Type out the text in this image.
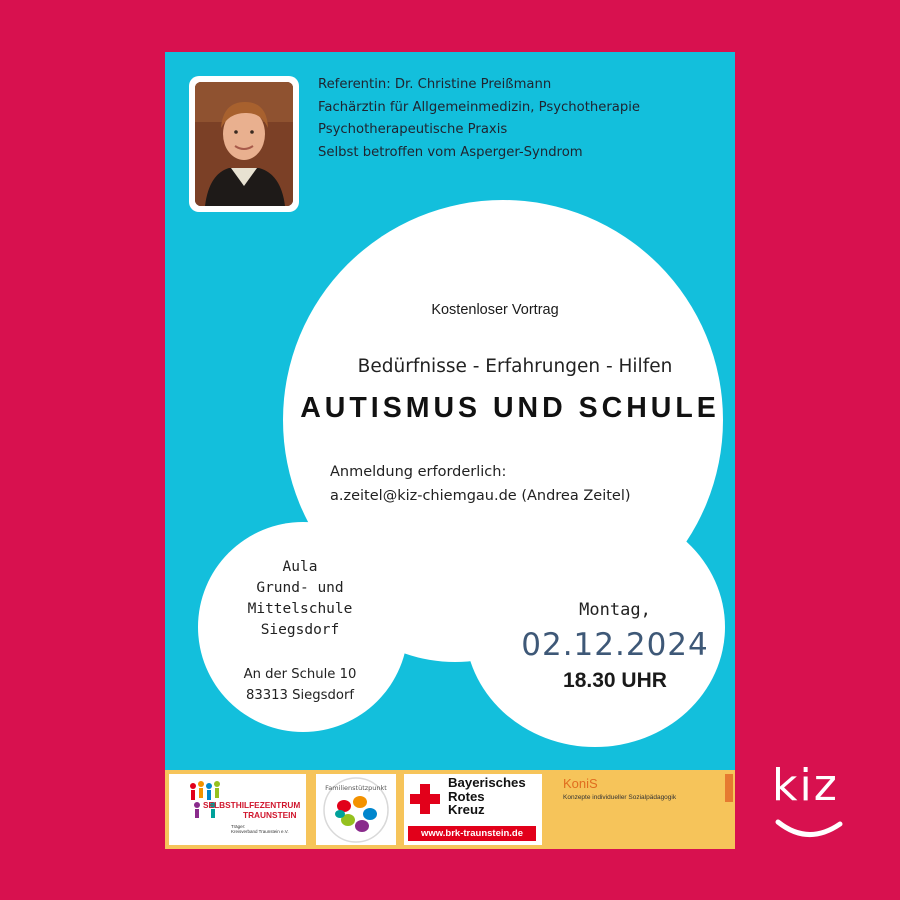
Referentin: Dr. Christine Preißmann
Fachärztin für Allgemeinmedizin, Psychotherapie
Psychotherapeutische Praxis
Selbst betroffen vom Asperger-Syndrom
Kostenloser Vortrag
Bedürfnisse - Erfahrungen - Hilfen
AUTISMUS UND SCHULE
Anmeldung erforderlich:
a.zeitel@kiz-chiemgau.de (Andrea Zeitel)
Aula
Grund- und
Mittelschule
Siegsdorf
An der Schule 10
83313 Siegsdorf
Montag,
02.12.2024
18.30 UHR
SELBSTHILFEZENTRUM
TRAUNSTEIN
Träger:
Kreisverband Traunstein e.V.
Familienstützpunkt	Bayerisches
Rotes
Kreuz
www.brk-traunstein.de
KoniS
Konzepte individueller Sozialpädagogik kiz
